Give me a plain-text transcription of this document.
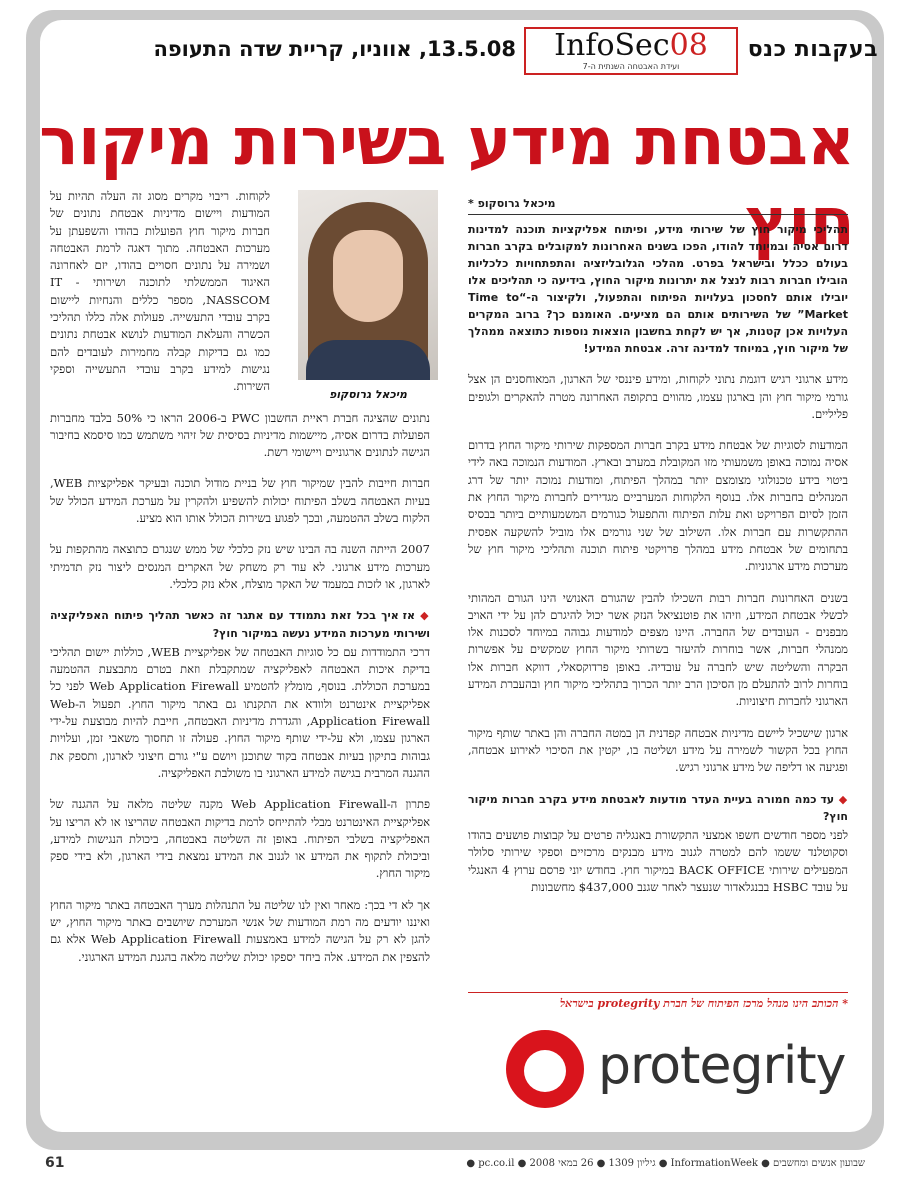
בעקבות כנס
InfoSec08
ועידת האבטחה השנתית ה-7
13.5.08, אווניו, קריית שדה התעופה
אבטחת מידע בשירות מיקור חוץ
מיכאל גרוסקופ *

תהליכי מיקור חוץ של שירותי מידע, ופיתוח אפליקציות תוכנה למדינות דרום אסיה ובמיוחד להודו, הפכו בשנים האחרונות למקובלים בקרב חברות בעולם ככלל ובישראל בפרט. מהלכי הגלובליזציה והתפתחויות כלכליות הובילו חברות רבות לנצל את יתרונות מיקור החוץ, בידיעה כי תהליכים אלו יובילו אותם לחסכון בעלויות הפיתוח והתפעול, ולקיצור ה-“Time to Market” של השירותים אותם הם מציעים. האומנם כך? ברוב המקרים העלויות אכן קטנות, אך יש לקחת בחשבון הוצאות נוספות כתוצאה ממהלך של מיקור חוץ, במיוחד למדינה זרה. אבטחת המידע!

מידע ארגוני רגיש דוגמת נתוני לקוחות, ומידע פיננסי של הארגון, המאוחסנים הן אצל גורמי מיקור חוץ והן בארגון עצמו, מהווים בתקופה האחרונה מטרה להאקרים ולגופים פליליים.

המודעות לסוגיות של אבטחת מידע בקרב חברות המספקות שירותי מיקור החוץ בדרום אסיה נמוכה באופן משמעותי מזו המקובלת במערב ובארץ. המודעות הנמוכה באה לידי ביטוי בידע טכנולוגי מצומצם יותר במהלך הפיתוח, ומודעות נמוכה יותר של דרג המנהלים בחברות אלו. בנוסף הלקוחות המערביים מגדירים לחברות מיקור החוץ את הזמן לסיום הפרויקט ואת עלות הפיתוח והתפעול כגורמים המשמעותיים ביותר בבסיס ההתקשרות עם חברות אלו. השילוב של שני גורמים אלו מוביל להשקעה אפסית בתחומים של אבטחת מידע במהלך פרויקטי פיתוח תוכנה ותהליכי מיקור חוץ של מערכות מידע ארגוניות.

בשנים האחרונות חברות רבות השכילו להבין שהגורם האנושי הינו הגורם המהותי לכשלי אבטחת המידע, וזיהו את פוטנציאל הנזק אשר יכול להיגרם להן על ידי האויב מבפנים - העובדים של החברה. היינו מצפים למודעות גבוהה במיוחד לסכנות אלו ממנהלי חברות, אשר בוחרות להיעזר בשרותי מיקור החוץ שמקשים על אפשרות הבקרה והשליטה שיש לחברה על עובדיה. באופן פרדוקסאלי, דווקא חברות אלו בוחרות לרוב להתעלם מן הסיכון הרב יותר הכרוך בתהליכי מיקור חוץ ובהעברת המידע הארגוני לחברות חיצוניות.

ארגון שישכיל ליישם מדיניות אבטחה קפדנית הן במטה החברה והן באתר שותף מיקור החוץ בכל הקשור לשמירה על מידע ושליטה בו, יקטין את הסיכוי לאירוע אבטחה, ופגיעה או דליפה של מידע ארגוני רגיש.

◆ עד כמה חמורה בעיית העדר מודעות לאבטחת מידע בקרב חברות מיקור חוץ?

לפני מספר חודשים חשפו אמצעי התקשורת באנגליה פרטים על קבוצות פושעים בהודו וסקוטלנד ששמו להם למטרה לגנוב מידע מבנקים מרכזיים וספקי שירותי סלולר המפעילים שירותי BACK OFFICE במיקור חוץ. בחודש יוני פרסם ערוץ 4 האנגלי על עובד HSBC בבנגלאדור שנעצר לאחר שגנב $437,000 מחשבונות

מיכאל גרוסקופ

לקוחות. ריבוי מקרים מסוג זה העלה תהיות על המודעות ויישום מדיניות אבטחת נתונים של חברות מיקור חוץ הפועלות בהודו והשפעתן על מערכות האבטחה. מתוך דאגה לרמת האבטחה ושמירה על נתונים חסויים בהודו, יזם לאחרונה האיגוד הממשלתי לתוכנה ושירותי IT - NASSCOM, מספר כללים והנחיות ליישום בקרב עובדי התעשייה. פעולות אלה כללו תהליכי הכשרה והעלאת המודעות לנושא אבטחת נתונים כמו גם בדיקות קבלה מחמירות לעובדים להם נגישות למידע בקרב עובדי התעשייה וספקי השירות.

נתונים שהציגה חברת ראיית החשבון PWC ב-2006 הראו כי 50% בלבד מחברות הפועלות בדרום אסיה, מיישמות מדיניות בסיסית של זיהוי משתמש כמו סיסמא בחיבור הגישה לנתונים ארגוניים ויישומי רשת.

חברות חייבות להבין שמיקור חוץ של בניית מודול תוכנה ובעיקר אפליקציות WEB, בעיות האבטחה בשלב הפיתוח יכולות להשפיע ולהקרין על מערכת המידע הכולל של הלקוח בשלב ההטמעה, ובכך לפגוע בשירות הכולל אותו הוא מציע.

2007 הייתה השנה בה הבינו שיש נזק כלכלי של ממש שנגרם כתוצאה מהתקפות על מערכות מידע ארגוני. לא עוד רק משחק של האקרים המנסים ליצור נזק תדמיתי לארגון, או לזכות במעמד של האקר מוצלח, אלא נזק כלכלי.

◆ אז איך בכל זאת נתמודד עם אתגר זה כאשר תהליך פיתוח האפליקציה ושירותי מערכות המידע נעשה במיקור חוץ?

דרכי התמודדות עם כל סוגיות האבטחה של אפליקציית WEB, כוללות יישום תהליכי בדיקת איכות האבטחה לאפליקציה שמתקבלת וזאת בטרם מתבצעת ההטמעה במערכת הכוללת. בנוסף, מומלץ להטמיע Web Application Firewall לפני כל אפליקציית אינטרנט ולוודא את התקנתו גם באתר מיקור החוץ. תפעול ה-Web Application Firewall, והגדרת מדיניות האבטחה, חייבת להיות מבוצעת על-ידי הארגון עצמו, ולא על-ידי שותף מיקור החוץ. פעולה זו תחסוך משאבי זמן, ועלויות גבוהות בתיקון בעיות אבטחה בקוד שתוכנן ויושם ע"י גורם חיצוני לארגון, ותספק את ההגנה המרבית בגישה למידע הארגוני בו משולבת האפליקציה.

פתרון ה-Web Application Firewall מקנה שליטה מלאה על ההגנה של אפליקציית האינטרנט מבלי להתייחס לרמת בדיקות האבטחה שהריצו או לא הריצו על האפליקציה בשלבי הפיתוח. באופן זה השליטה באבטחה, ביכולת הנגישות למידע, וביכולת לתקוף את המידע או לגנוב את המידע נמצאת בידי הארגון, ולא בידי ספק מיקור החוץ.

אך לא די בכך: מאחר ואין לנו שליטה על התנהלות מערך האבטחה באתר מיקור החוץ ואיננו יודעים מה רמת המודעות של אנשי המערכת שיושבים באתר מיקור החוץ, יש להגן לא רק על הגישה למידע באמצעות Web Application Firewall אלא גם להצפין את המידע. אלה ביחד יספקו יכולת שליטה מלאה בהגנת המידע הארגוני.

* הכותב הינו מנהל מרכז הפיתוח של חברת protegrity בישראל
protegrity
שבועון אנשים ומחשבים ● InformationWeek ● גיליון 1309 ● 26 במאי 2008 ● pc.co.il ●
61
